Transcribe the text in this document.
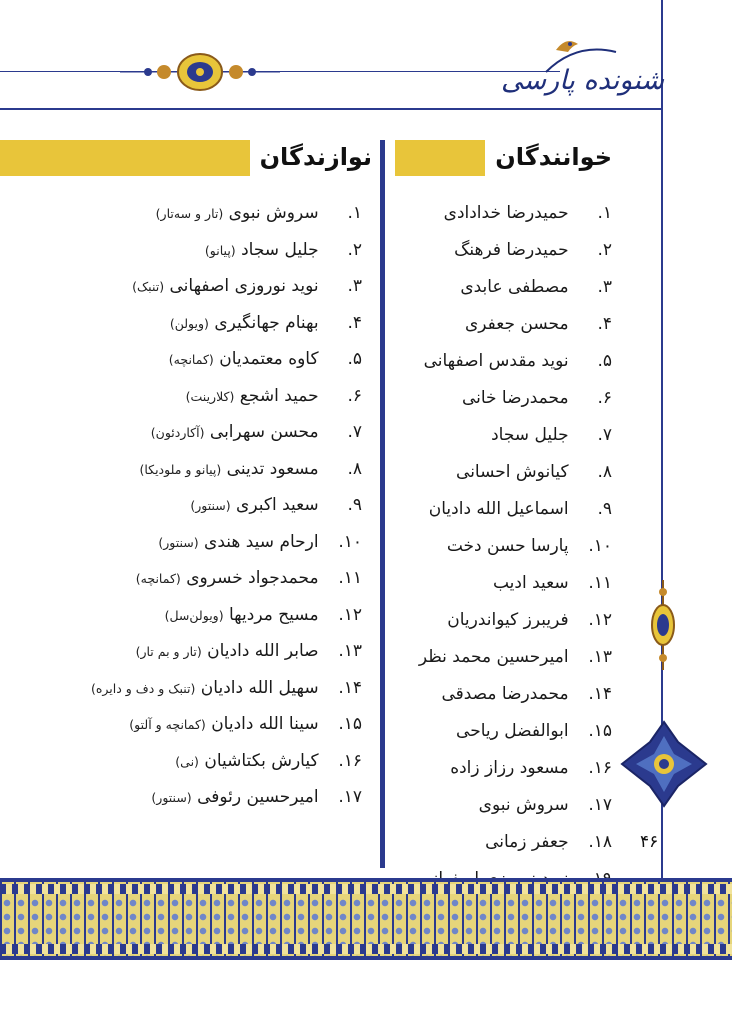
شنونده پارسی
خوانندگان
نوازندگان
۱. حمیدرضا خدادادی
۲. حمیدرضا فرهنگ
۳. مصطفی عابدی
۴. محسن جعفری
۵. نوید مقدس اصفهانی
۶. محمدرضا خانی
۷. جلیل سجاد
۸. کیانوش احسانی
۹. اسماعیل الله دادیان
۱۰. پارسا حسن دخت
۱۱. سعید ادیب
۱۲. فریبرز کیواندریان
۱۳. امیرحسین محمد نظر
۱۴. محمدرضا مصدقی
۱۵. ابوالفضل ریاحی
۱۶. مسعود رزاز زاده
۱۷. سروش نبوی
۱۸. جعفر زمانی
۱. سروش نبوی (تار و سه‌تار)
۲. جلیل سجاد (پیانو)
۳. نوید نوروزی اصفهانی (تنبک)
۴. بهنام جهانگیری (ویولن)
۵. کاوه معتمدیان (کمانچه)
۶. حمید اشجع (کلارینت)
۷. محسن سهرابی (آکاردئون)
۸. مسعود تدینی (پیانو و ملودیکا)
۹. سعید اکبری (سنتور)
۱۰. ارحام سید هندی (سنتور)
۱۱. محمدجواد خسروی (کمانچه)
۱۲. مسیح مردیها (ویولن‌سل)
۱۳. صابر الله دادیان (تار و بم تار)
۱۴. سهیل الله دادیان (تنبک و دف و دایره)
۱۵. سینا الله دادیان (کمانچه و آلتو)
۱۶. کیارش بکتاشیان (نی)
۱۷. امیرحسین رئوفی (سنتور)
۴۶
